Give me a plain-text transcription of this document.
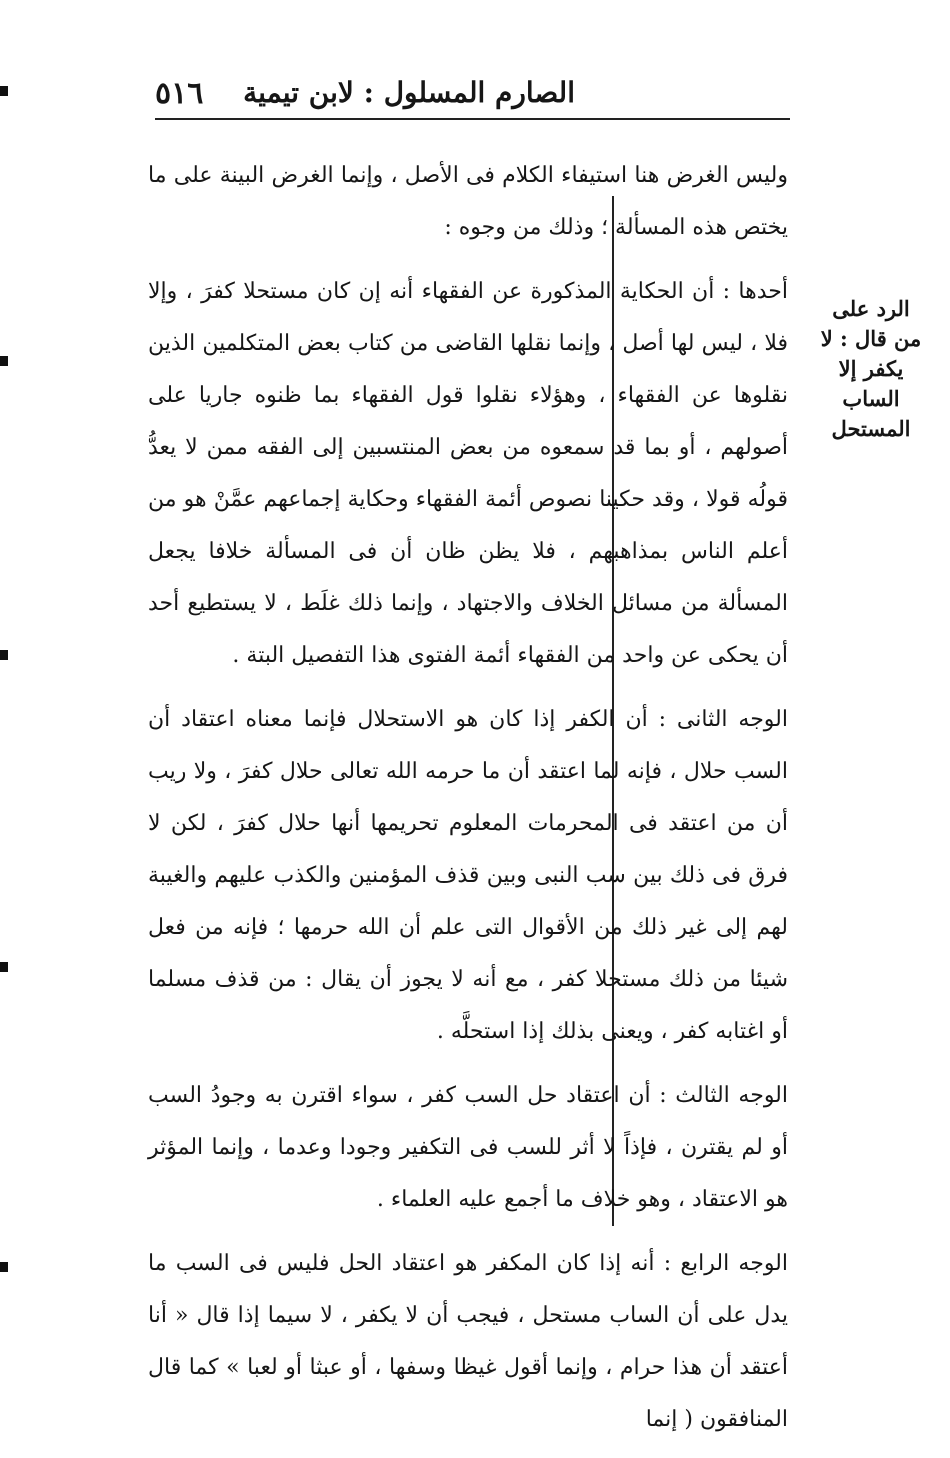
٥١٦ الصارم المسلول : لابن تيمية

وليس الغرض هنا استيفاء الكلام فى الأصل ، وإنما الغرض البينة على ما يختص هذه المسألة ؛ وذلك من وجوه :

أحدها : أن الحكاية المذكورة عن الفقهاء أنه إن كان مستحلا كفرَ ، وإلا فلا ، ليس لها أصل ، وإنما نقلها القاضى من كتاب بعض المتكلمين الذين نقلوها عن الفقهاء ، وهؤلاء نقلوا قول الفقهاء بما ظنوه جاريا على أصولهم ، أو بما قد سمعوه من بعض المنتسبين إلى الفقه ممن لا يعدُّ قولُه قولا ، وقد حكينا نصوص أئمة الفقهاء وحكاية إجماعهم عمَّنْ هو من أعلم الناس بمذاهبهم ، فلا يظن ظان أن فى المسألة خلافا يجعل المسألة من مسائل الخلاف والاجتهاد ، وإنما ذلك غلَط ، لا يستطيع أحد أن يحكى عن واحد من الفقهاء أئمة الفتوى هذا التفصيل البتة .

الوجه الثانى : أن الكفر إذا كان هو الاستحلال فإنما معناه اعتقاد أن السب حلال ، فإنه لما اعتقد أن ما حرمه الله تعالى حلال كفرَ ، ولا ريب أن من اعتقد فى المحرمات المعلوم تحريمها أنها حلال كفرَ ، لكن لا فرق فى ذلك بين سب النبى وبين قذف المؤمنين والكذب عليهم والغيبة لهم إلى غير ذلك من الأقوال التى علم أن الله حرمها ؛ فإنه من فعل شيئا من ذلك مستحلا كفر ، مع أنه لا يجوز أن يقال : من قذف مسلما أو اغتابه كفر ، ويعنى بذلك إذا استحلَّه .

الوجه الثالث : أن اعتقاد حل السب كفر ، سواء اقترن به وجودُ السب أو لم يقترن ، فإذاً لا أثر للسب فى التكفير وجودا وعدما ، وإنما المؤثر هو الاعتقاد ، وهو خلاف ما أجمع عليه العلماء .

الوجه الرابع : أنه إذا كان المكفر هو اعتقاد الحل فليس فى السب ما يدل على أن الساب مستحل ، فيجب أن لا يكفر ، لا سيما إذا قال « أنا أعتقد أن هذا حرام ، وإنما أقول غيظا وسفها ، أو عبثا أو لعبا » كما قال المنافقون ( إنما

الرد على من قال : لا يكفر إلا الساب المستحل
